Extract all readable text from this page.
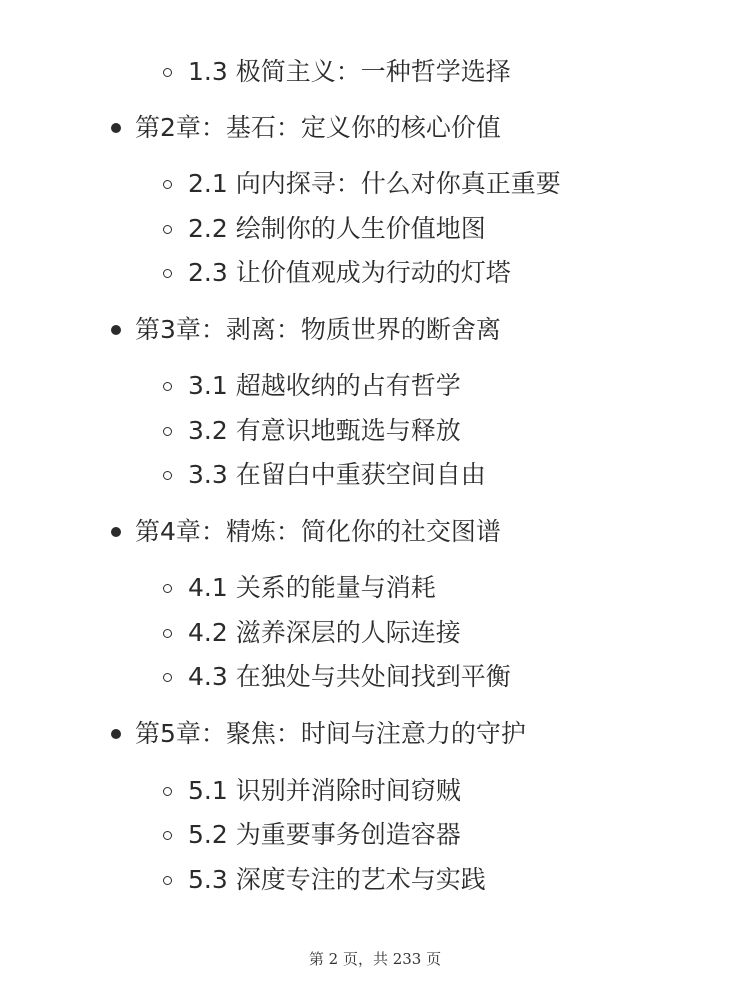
1.3 极简主义：一种哲学选择
第2章：基石：定义你的核心价值
2.1 向内探寻：什么对你真正重要
2.2 绘制你的人生价值地图
2.3 让价值观成为行动的灯塔
第3章：剥离：物质世界的断舍离
3.1 超越收纳的占有哲学
3.2 有意识地甄选与释放
3.3 在留白中重获空间自由
第4章：精炼：简化你的社交图谱
4.1 关系的能量与消耗
4.2 滋养深层的人际连接
4.3 在独处与共处间找到平衡
第5章：聚焦：时间与注意力的守护
5.1 识别并消除时间窃贼
5.2 为重要事务创造容器
5.3 深度专注的艺术与实践
第 2 页，共 233 页
